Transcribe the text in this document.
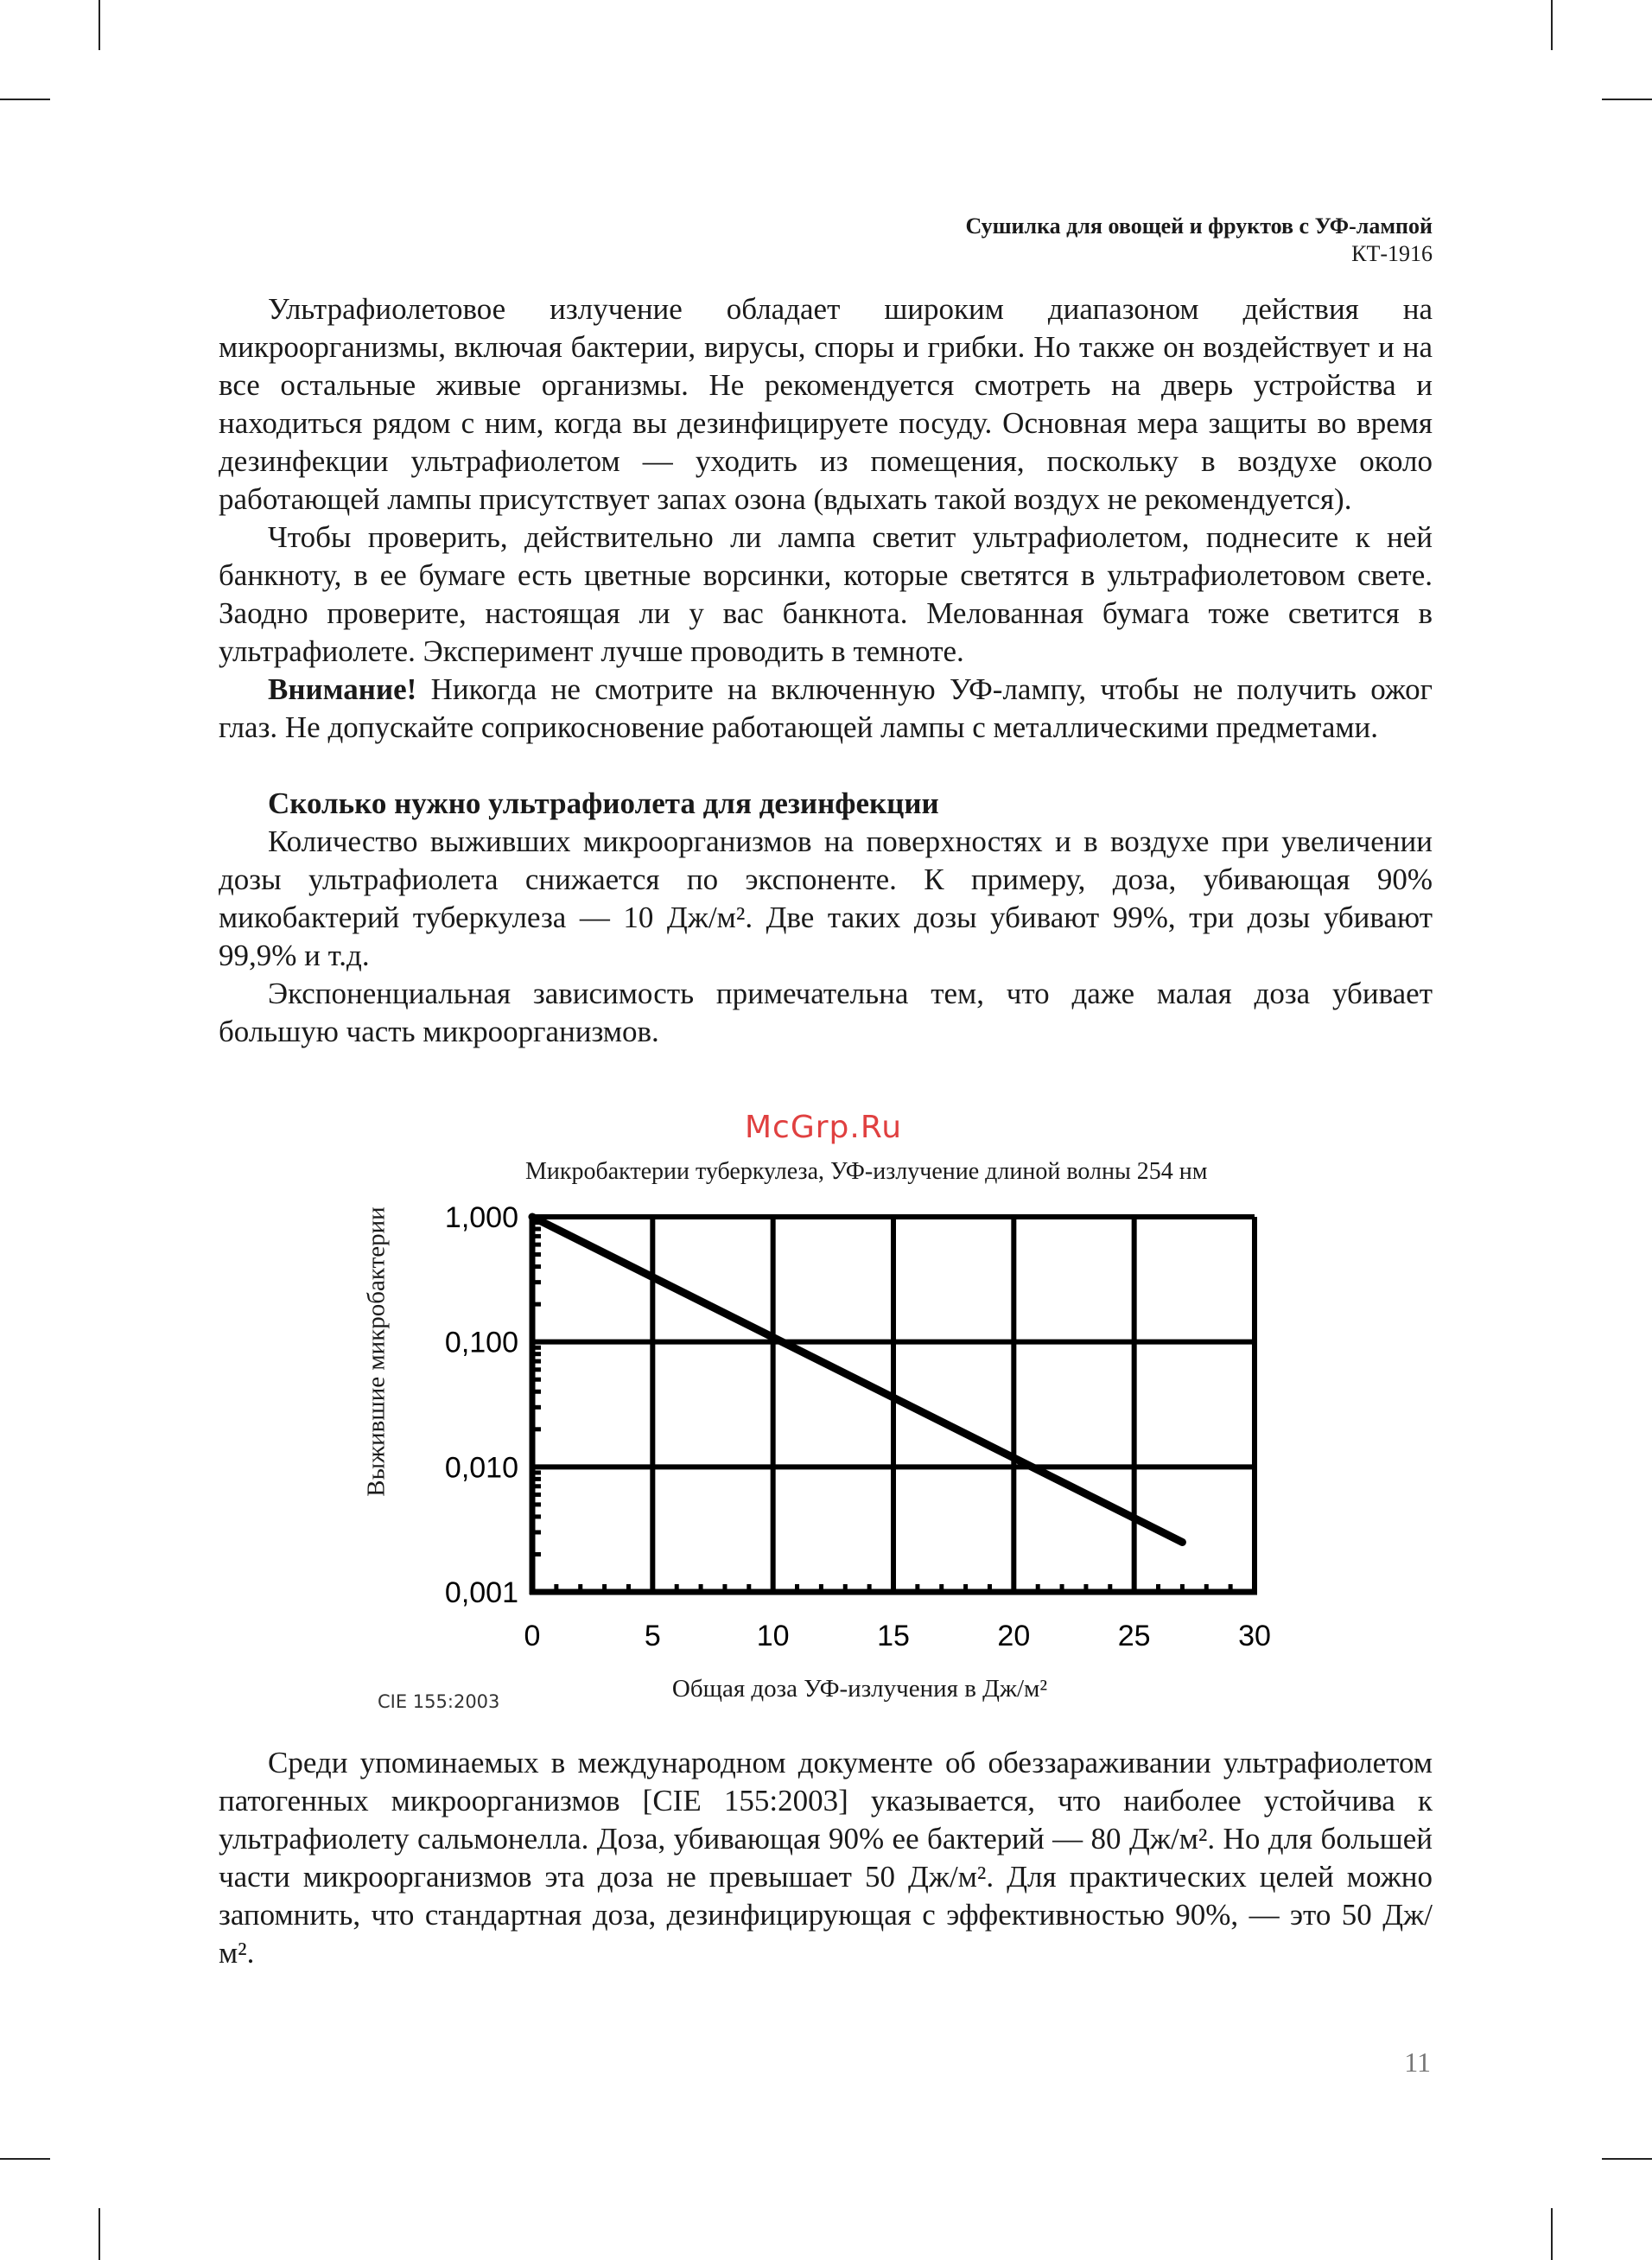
Сушилка для овощей и фруктов с УФ-лампой
КТ-1916

Ультрафиолетовое излучение обладает широким диапазоном действия на микроорганизмы, включая бактерии, вирусы, споры и грибки. Но также он воздействует и на все остальные живые организмы. Не рекомендуется смотреть на дверь устройства и находиться рядом с ним, когда вы дезинфицируете посуду. Основная мера защиты во время дезинфекции ультрафиолетом — уходить из помещения, поскольку в воздухе около работающей лампы присутствует запах озона (вдыхать такой воздух не рекомендуется).

Чтобы проверить, действительно ли лампа светит ультрафиолетом, поднесите к ней банкноту, в ее бумаге есть цветные ворсинки, которые светятся в ультрафиолетовом свете. Заодно проверите, настоящая ли у вас банкнота. Мелованная бумага тоже светится в ультрафиолете. Эксперимент лучше проводить в темноте.

Внимание! Никогда не смотрите на включенную УФ-лампу, чтобы не получить ожог глаз. Не допускайте соприкосновение работающей лампы с металлическими предметами.

Сколько нужно ультрафиолета для дезинфекции

Количество выживших микроорганизмов на поверхностях и в воздухе при увеличении дозы ультрафиолета снижается по экспоненте. К примеру, доза, убивающая 90% микобактерий туберкулеза — 10 Дж/м². Две таких дозы убивают 99%, три дозы убивают 99,9% и т.д.

Экспоненциальная зависимость примечательна тем, что даже малая доза убивает большую часть микроорганизмов.

McGrp.Ru
Микробактерии туберкулеза, УФ-излучение длиной волны 254 нм
Выжившие микробактерии
Общая доза УФ-излучения в Дж/м²
CIE 155:2003
0	5	10	15	20	25	30
0,001
0,010
0,100
1,000

Среди упоминаемых в международном документе об обеззараживании ультрафиолетом патогенных микроорганизмов [CIE 155:2003] указывается, что наиболее устойчива к ультрафиолету сальмонелла. Доза, убивающая 90% ее бактерий — 80 Дж/м². Но для большей части микроорганизмов эта доза не превышает 50 Дж/м². Для практических целей можно запомнить, что стандартная доза, дезинфицирующая с эффективностью 90%, — это 50 Дж/м².

11
